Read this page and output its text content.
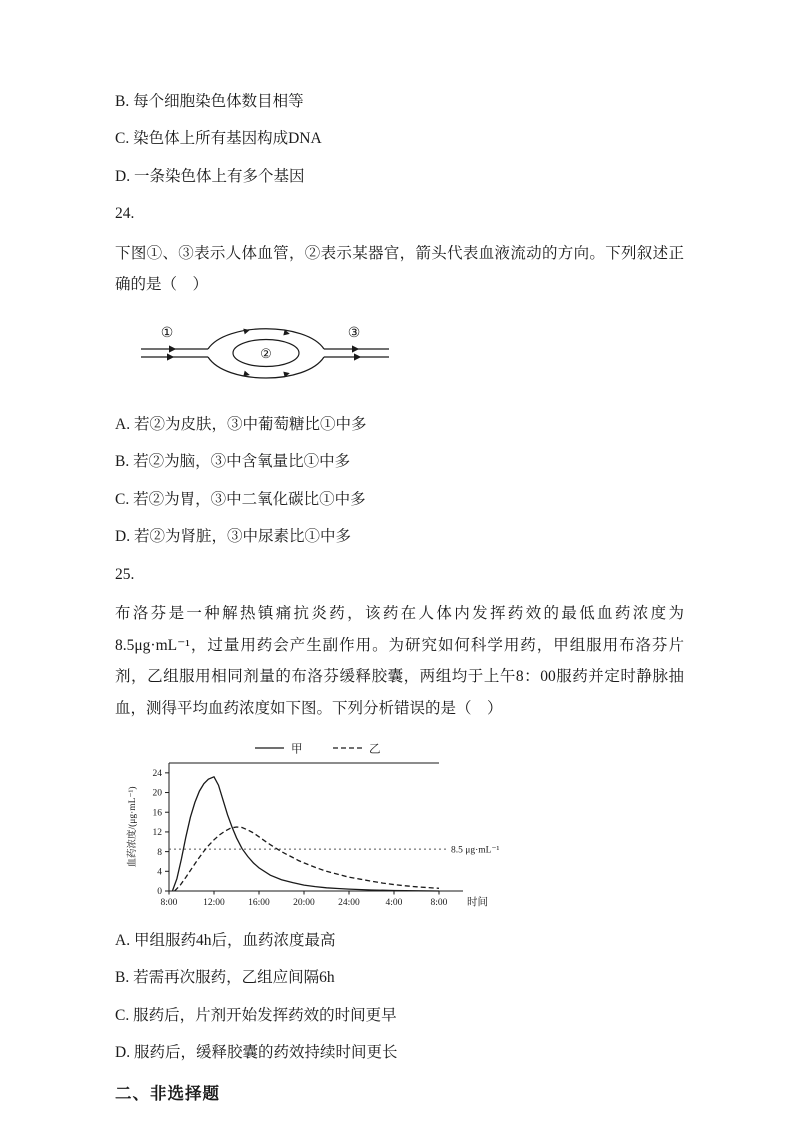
B. 每个细胞染色体数目相等

C. 染色体上所有基因构成DNA

D. 一条染色体上有多个基因

24.

下图①、③表示人体血管，②表示某器官，箭头代表血液流动的方向。下列叙述正确的是（　）

①
②
③

A. 若②为皮肤，③中葡萄糖比①中多

B. 若②为脑，③中含氧量比①中多

C. 若②为胃，③中二氧化碳比①中多

D. 若②为肾脏，③中尿素比①中多

25.

布洛芬是一种解热镇痛抗炎药，该药在人体内发挥药效的最低血药浓度为8.5μg·mL⁻¹，过量用药会产生副作用。为研究如何科学用药，甲组服用布洛芬片剂，乙组服用相同剂量的布洛芬缓释胶囊，两组均于上午8：00服药并定时静脉抽血，测得平均血药浓度如下图。下列分析错误的是（　）

0
4
8
12
16
20
24
8:00	12:00 16:00 20:00 24:00	4:00	8:00 时间
血药浓度/(μg·mL⁻¹)	8.5 μg·mL⁻¹
甲	乙

A. 甲组服药4h后，血药浓度最高

B. 若需再次服药，乙组应间隔6h

C. 服药后，片剂开始发挥药效的时间更早

D. 服药后，缓释胶囊的药效持续时间更长

二、非选择题
